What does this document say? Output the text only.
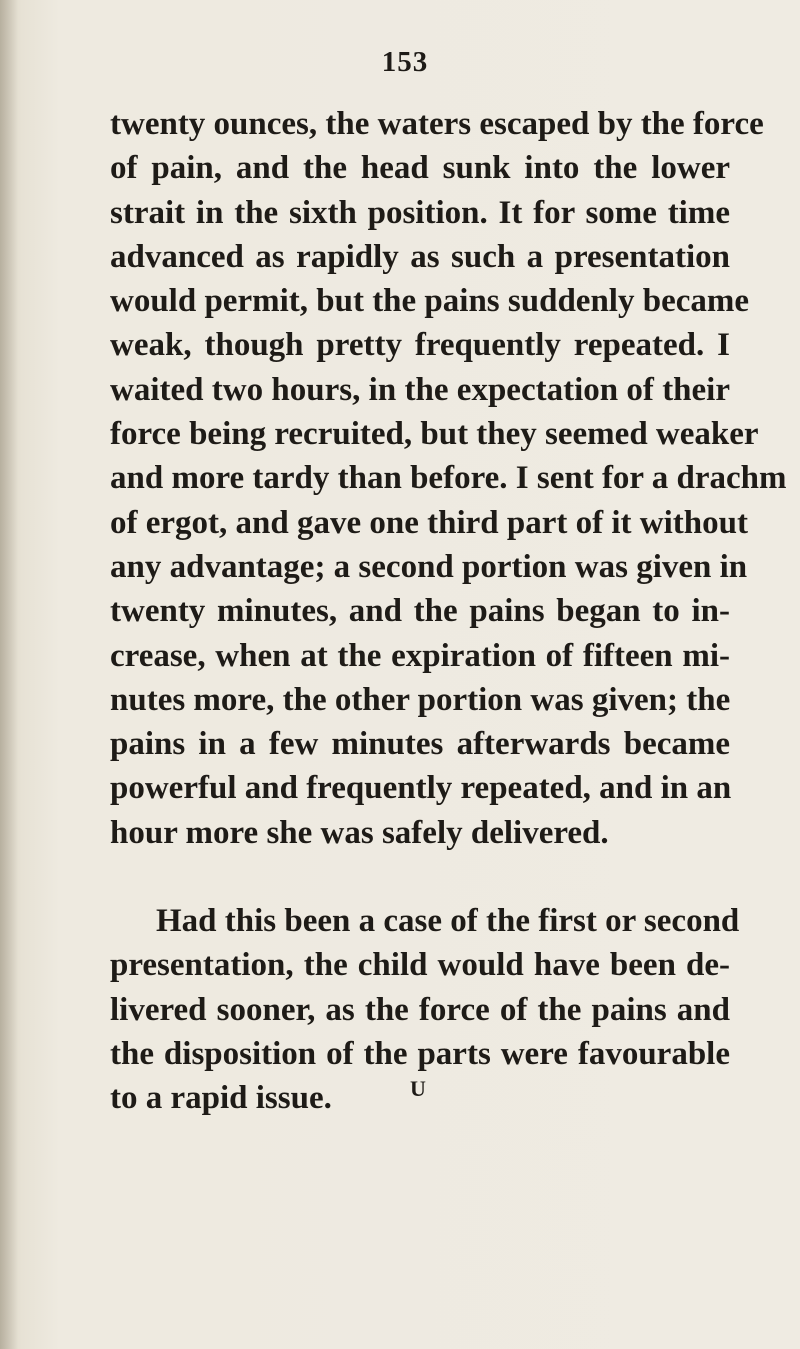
153
twenty ounces, the waters escaped by the force
of pain, and the head sunk into the lower
strait in the sixth position. It for some time
advanced as rapidly as such a presentation
would permit, but the pains suddenly became
weak, though pretty frequently repeated. I
waited two hours, in the expectation of their
force being recruited, but they seemed weaker
and more tardy than before. I sent for a drachm
of ergot, and gave one third part of it without
any advantage; a second portion was given in
twenty minutes, and the pains began to in-
crease, when at the expiration of fifteen mi-
nutes more, the other portion was given; the
pains in a few minutes afterwards became
powerful and frequently repeated, and in an
hour more she was safely delivered.
Had this been a case of the first or second
presentation, the child would have been de-
livered sooner, as the force of the pains and
the disposition of the parts were favourable
to a rapid issue.	U
